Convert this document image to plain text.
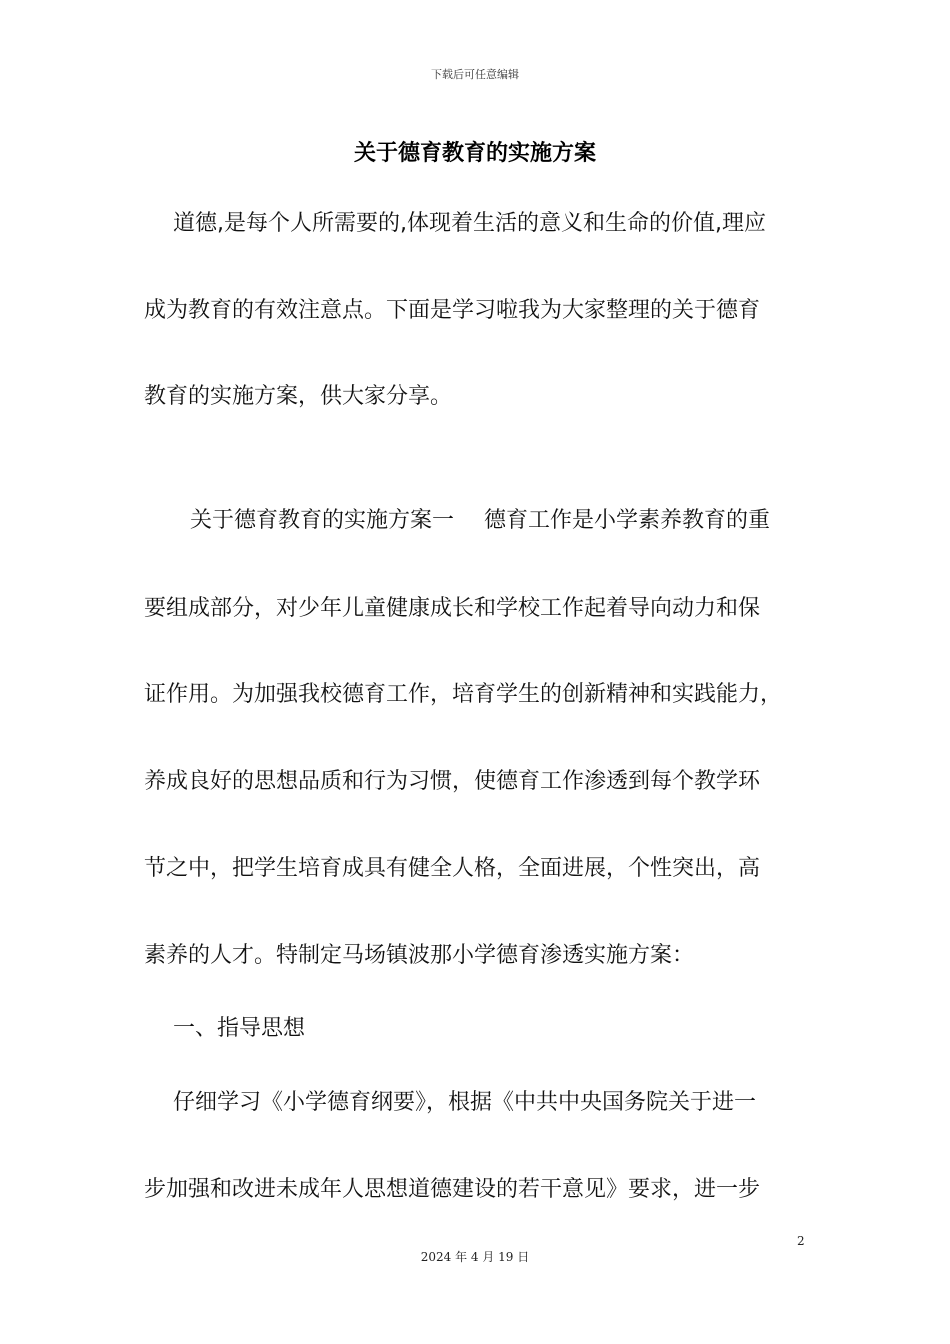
下载后可任意编辑
关于德育教育的实施方案
道德,是每个人所需要的,体现着生活的意义和生命的价值,理应
成为教育的有效注意点。下面是学习啦我为大家整理的关于德育
教育的实施方案，供大家分享。
关于德育教育的实施方案一 德育工作是小学素养教育的重
要组成部分，对少年儿童健康成长和学校工作起着导向动力和保
证作用。为加强我校德育工作，培育学生的创新精神和实践能力，
养成良好的思想品质和行为习惯，使德育工作渗透到每个教学环
节之中，把学生培育成具有健全人格，全面进展，个性突出，高
素养的人才。特制定马场镇波那小学德育渗透实施方案：
一、指导思想
仔细学习《小学德育纲要》，根据《中共中央国务院关于进一
步加强和改进未成年人思想道德建设的若干意见》要求，进一步
2
2024 年 4 月 19 日
